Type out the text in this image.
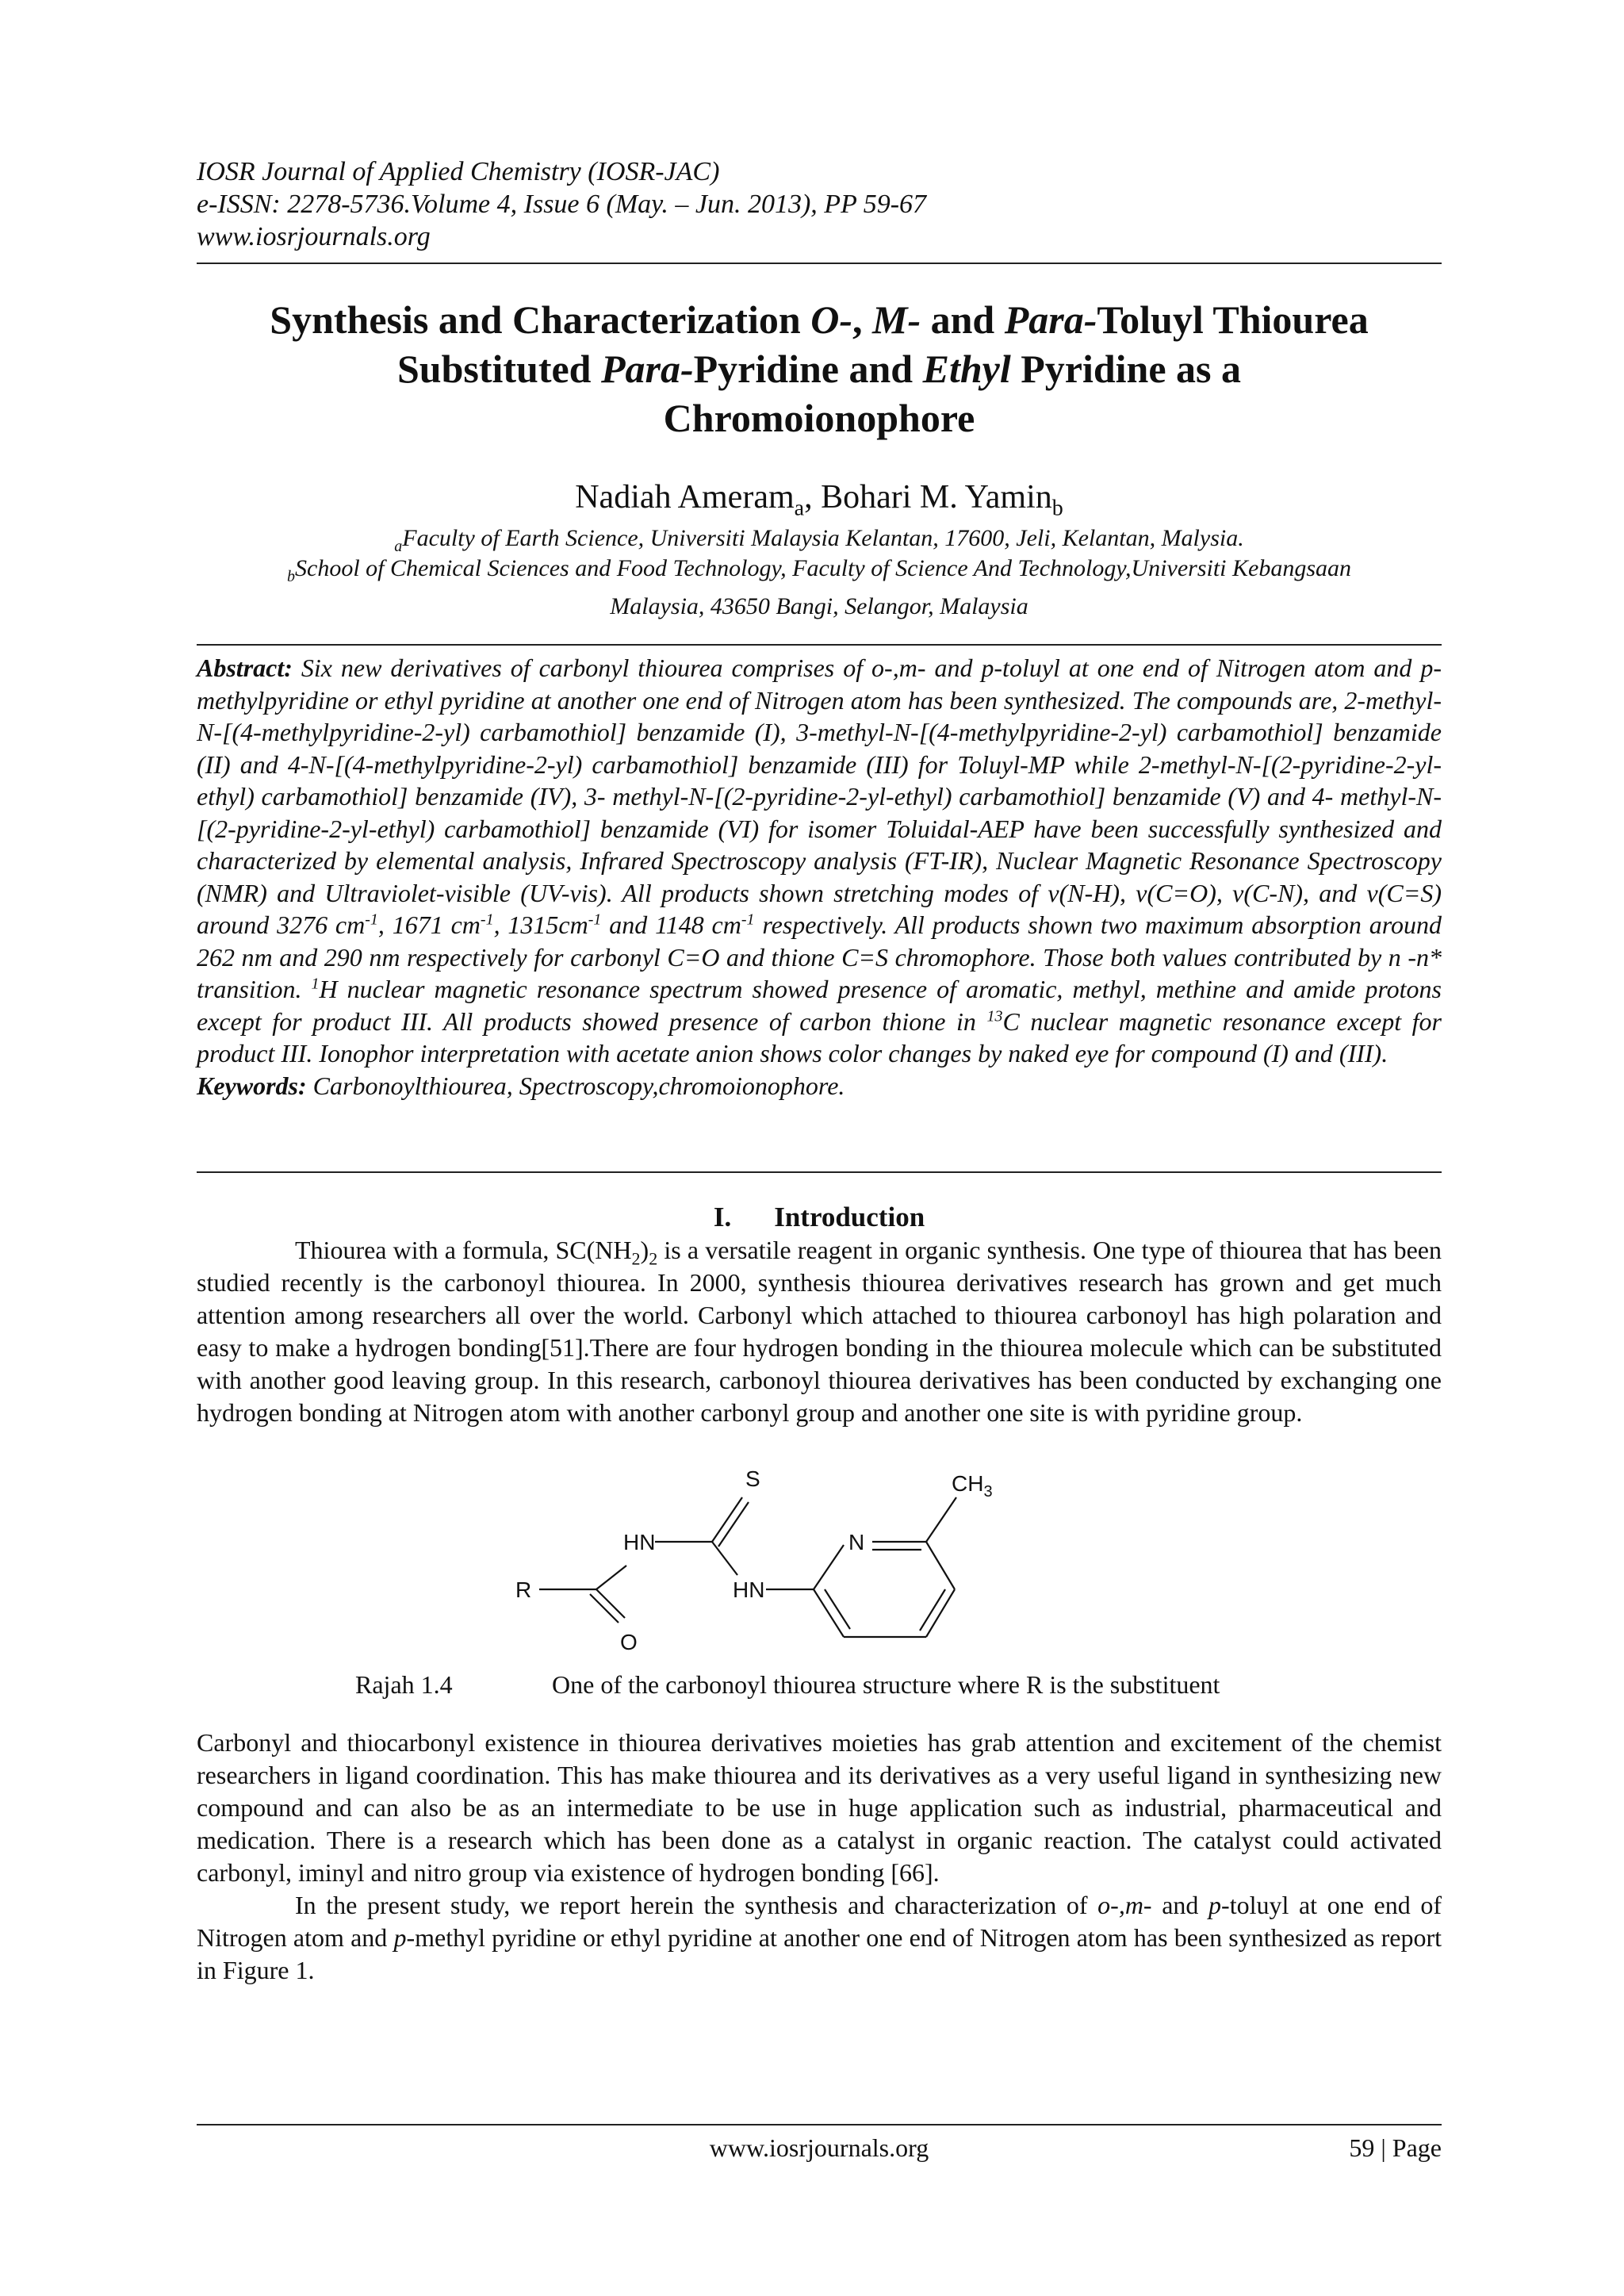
IOSR Journal of Applied Chemistry (IOSR-JAC)
e-ISSN: 2278-5736.Volume 4, Issue 6 (May. – Jun. 2013), PP 59-67
www.iosrjournals.org
Synthesis and Characterization O-, M- and Para-Toluyl Thiourea
Substituted Para-Pyridine and Ethyl Pyridine as a
Chromoionophore
Nadiah Ameram$_a$, Bohari M. Yamin$_b$
$_a$Faculty of Earth Science, Universiti Malaysia Kelantan, 17600, Jeli, Kelantan, Malysia.
$_b$School of Chemical Sciences and Food Technology, Faculty of Science And Technology,Universiti Kebangsaan
Malaysia, 43650 Bangi, Selangor, Malaysia
Abstract: Six new derivatives of carbonyl thiourea comprises of o-,m- and p-toluyl at one end of Nitrogen atom and p-methylpyridine or ethyl pyridine at another one end of Nitrogen atom has been synthesized. The compounds are, 2-methyl-N-[(4-methylpyridine-2-yl) carbamothiol] benzamide (I), 3-methyl-N-[(4-methylpyridine-2-yl) carbamothiol] benzamide (II) and 4-N-[(4-methylpyridine-2-yl) carbamothiol] benzamide (III) for Toluyl-MP while 2-methyl-N-[(2-pyridine-2-yl-ethyl) carbamothiol] benzamide (IV), 3- methyl-N-[(2-pyridine-2-yl-ethyl) carbamothiol] benzamide (V) and 4- methyl-N-[(2-pyridine-2-yl-ethyl) carbamothiol] benzamide (VI) for isomer Toluidal-AEP have been successfully synthesized and characterized by elemental analysis, Infrared Spectroscopy analysis (FT-IR), Nuclear Magnetic Resonance Spectroscopy (NMR) and Ultraviolet-visible (UV-vis). All products shown stretching modes of v(N-H), v(C=O), v(C-N), and v(C=S) around 3276 $cm^{-1}$, 1671 $cm^{-1}$, $1315cm^{-1}$ and 1148 $cm^{-1}$ respectively. All products shown two maximum absorption around 262 nm and 290 nm respectively for carbonyl C=O and thione C=S chromophore. Those both values contributed by n -n* transition. $^1$H nuclear magnetic resonance spectrum showed presence of aromatic, methyl, methine and amide protons except for product III. All products showed presence of carbon thione in $^{13}$C nuclear magnetic resonance except for product III. Ionophor interpretation with acetate anion shows color changes by naked eye for compound (I) and (III).
Keywords: Carbonoylthiourea, Spectroscopy,chromoionophore.
I. Introduction

Thiourea with a formula, $SC(NH_2)_2$ is a versatile reagent in organic synthesis. One type of thiourea that has been studied recently is the carbonoyl thiourea. In 2000, synthesis thiourea derivatives research has grown and get much attention among researchers all over the world. Carbonyl which attached to thiourea carbonoyl has high polaration and easy to make a hydrogen bonding[51].There are four hydrogen bonding in the thiourea molecule which can be substituted with another good leaving group. In this research, carbonoyl thiourea derivatives has been conducted by exchanging one hydrogen bonding at Nitrogen atom with another carbonyl group and another one site is with pyridine group.

S	$CH_3$
HN	N
R	HN
O
Rajah 1.4	One of the carbonoyl thiourea structure where R is the substituent

Carbonyl and thiocarbonyl existence in thiourea derivatives moieties has grab attention and excitement of the chemist researchers in ligand coordination. This has make thiourea and its derivatives as a very useful ligand in synthesizing new compound and can also be as an intermediate to be use in huge application such as industrial, pharmaceutical and medication. There is a research which has been done as a catalyst in organic reaction. The catalyst could activated carbonyl, iminyl and nitro group via existence of hydrogen bonding [66].

In the present study, we report herein the synthesis and characterization of o-,m- and p-toluyl at one end of Nitrogen atom and p-methyl pyridine or ethyl pyridine at another one end of Nitrogen atom has been synthesized as report in Figure 1.

www.iosrjournals.org	59 | Page
